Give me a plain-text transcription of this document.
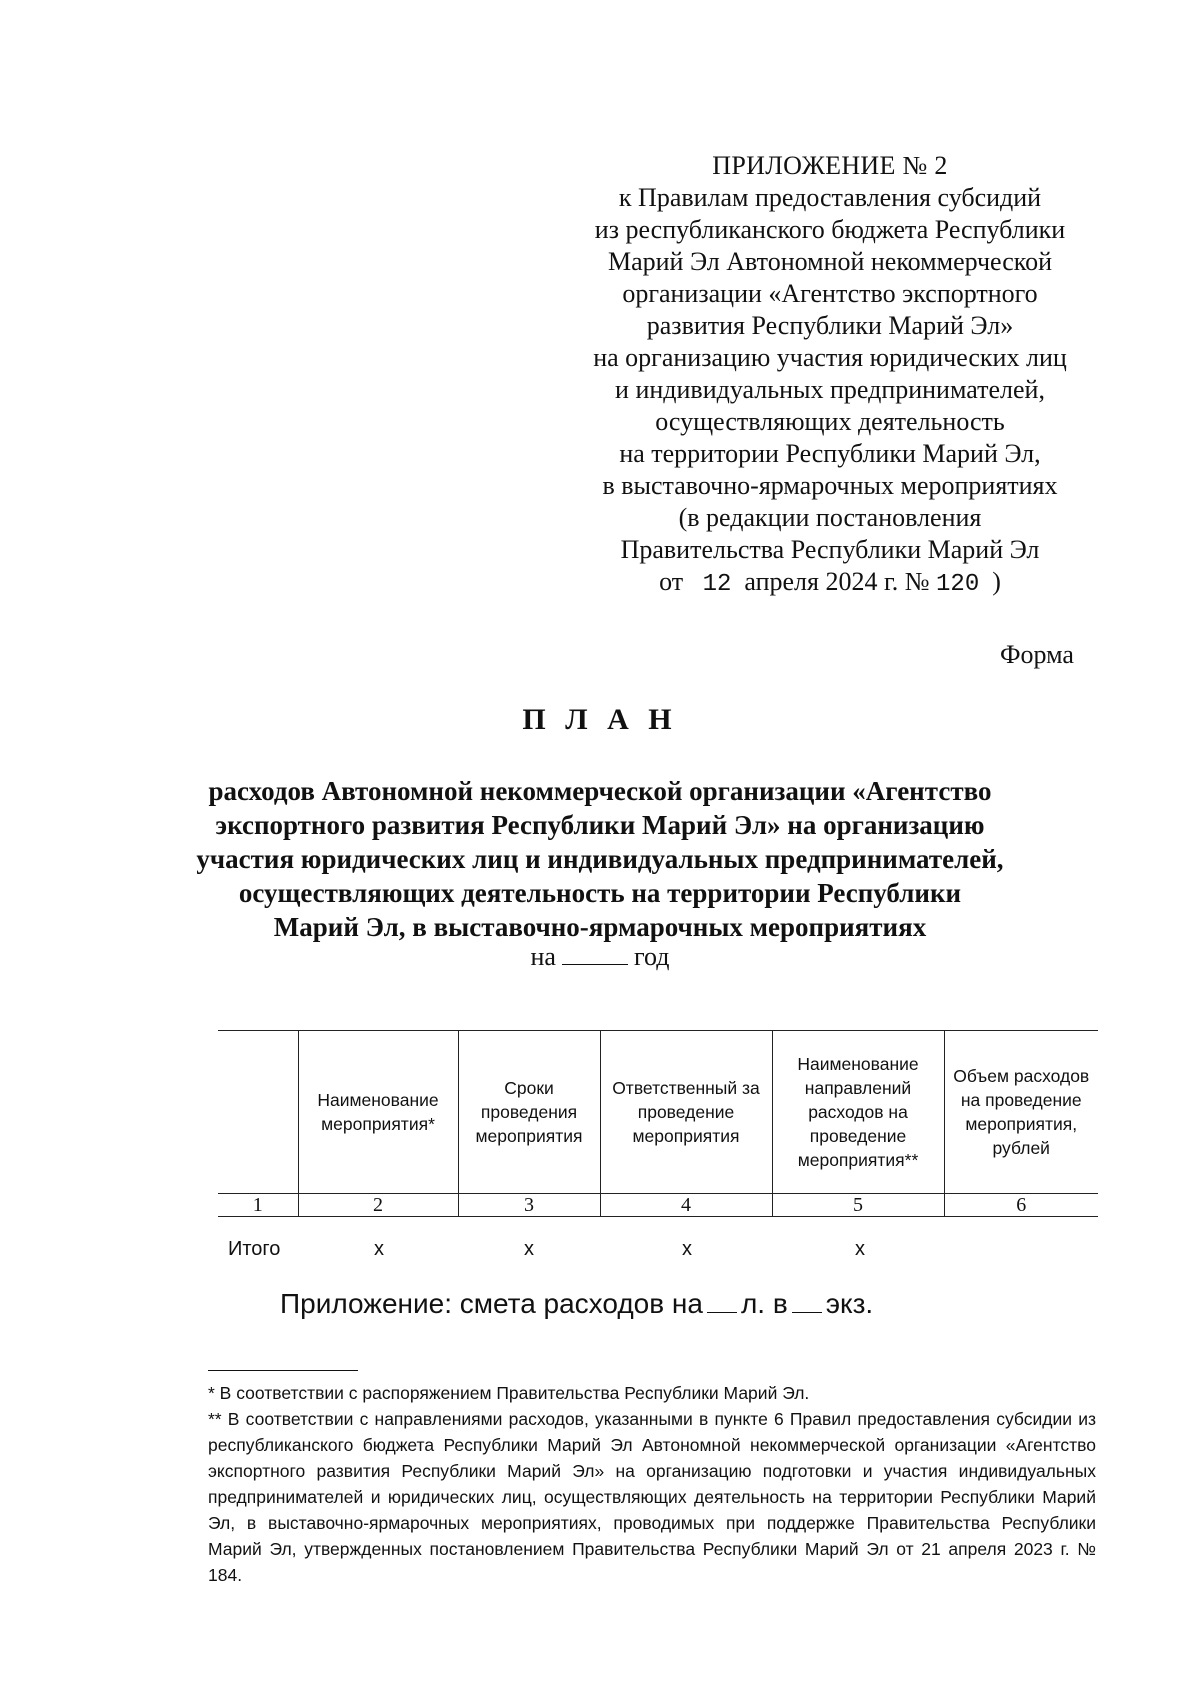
ПРИЛОЖЕНИЕ № 2
к Правилам предоставления субсидий
из республиканского бюджета Республики
Марий Эл Автономной некоммерческой
организации «Агентство экспортного
развития Республики Марий Эл»
на организацию участия юридических лиц
и индивидуальных предпринимателей,
осуществляющих деятельность
на территории Республики Марий Эл,
в выставочно-ярмарочных мероприятиях
(в редакции постановления
Правительства Республики Марий Эл
от 12 апреля 2024 г. № 120 )
Форма
П Л А Н
расходов Автономной некоммерческой организации «Агентство
экспортного развития Республики Марий Эл» на организацию
участия юридических лиц и индивидуальных предпринимателей,
осуществляющих деятельность на территории Республики
Марий Эл, в выставочно-ярмарочных мероприятиях
на	год
	Наименование мероприятия*	Сроки проведения мероприятия	Ответственный за проведение мероприятия	Наименование направлений расходов на проведение мероприятия**	Объем расходов на проведение мероприятия, рублей
1	2	3	4	5	6
Итого	x	x	x	x
Приложение: смета расходов на л. в экз.

* В соответствии с распоряжением Правительства Республики Марий Эл.

** В соответствии с направлениями расходов, указанными в пункте 6 Правил предоставления субсидии из республиканского бюджета Республики Марий Эл Автономной некоммерческой организации «Агентство экспортного развития Республики Марий Эл» на организацию подготовки и участия индивидуальных предпринимателей и юридических лиц, осуществляющих деятельность на территории Республики Марий Эл, в выставочно-ярмарочных мероприятиях, проводимых при поддержке Правительства Республики Марий Эл, утвержденных постановлением Правительства Республики Марий Эл от 21 апреля 2023 г. № 184.
